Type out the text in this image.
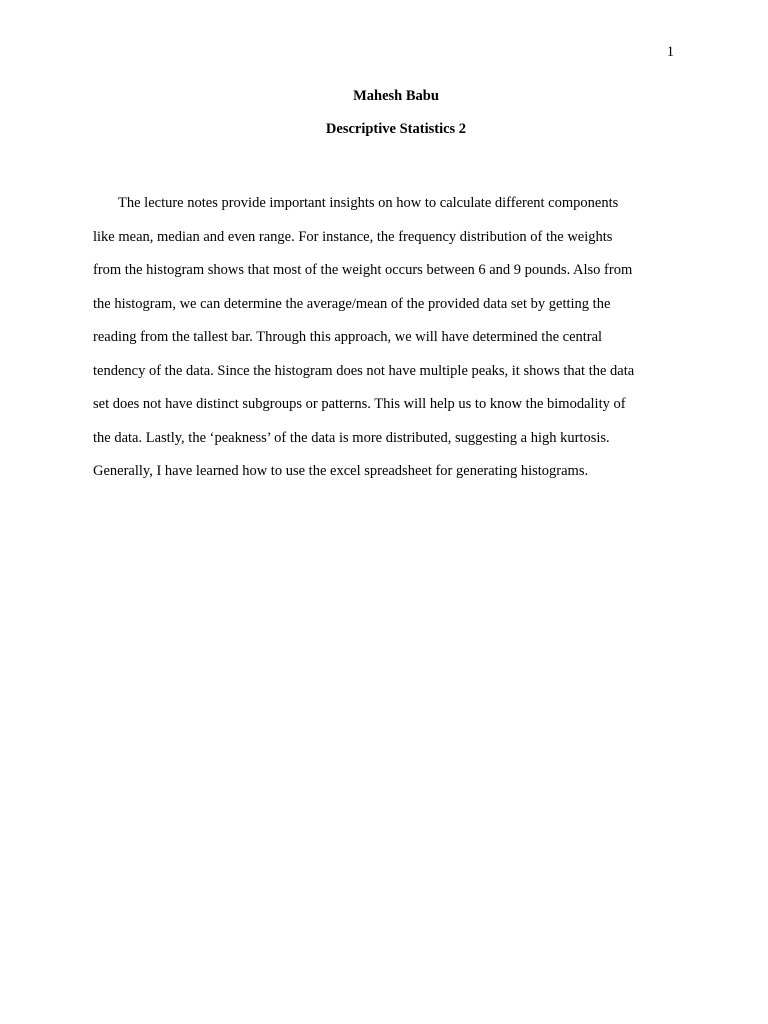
1

Mahesh Babu

Descriptive Statistics 2

The lecture notes provide important insights on how to calculate different components

like mean, median and even range. For instance, the frequency distribution of the weights

from the histogram shows that most of the weight occurs between 6 and 9 pounds. Also from

the histogram, we can determine the average/mean of the provided data set by getting the

reading from the tallest bar. Through this approach, we will have determined the central

tendency of the data. Since the histogram does not have multiple peaks, it shows that the data

set does not have distinct subgroups or patterns. This will help us to know the bimodality of

the data. Lastly, the ‘peakness’ of the data is more distributed, suggesting a high kurtosis.

Generally, I have learned how to use the excel spreadsheet for generating histograms.
